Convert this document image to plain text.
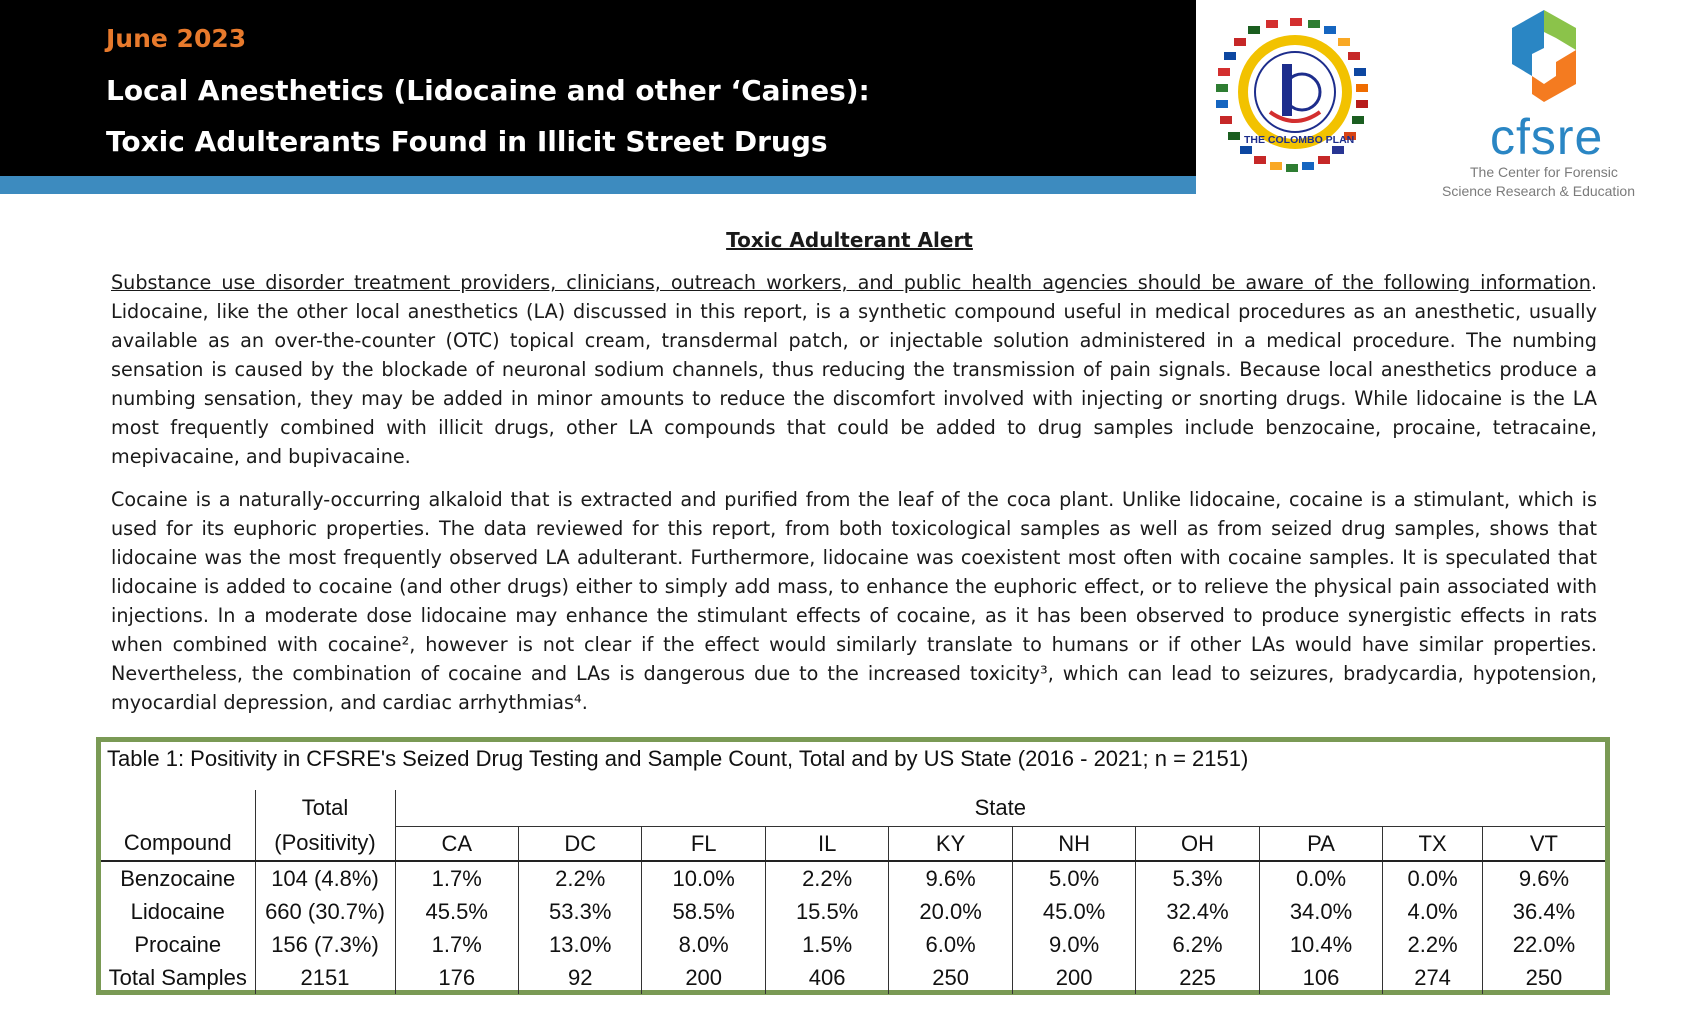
June 2023
Local Anesthetics (Lidocaine and other ‘Caines):
Toxic Adulterants Found in Illicit Street Drugs	THE COLOMBO PLAN	cfsre
The Center for Forensic
Science Research & Education
Toxic Adulterant Alert
Substance use disorder treatment providers, clinicians, outreach workers, and public health agencies should be aware of the following information. Lidocaine, like the other local anesthetics (LA) discussed in this report, is a synthetic compound useful in medical procedures as an anesthetic, usually available as an over-the-counter (OTC) topical cream, transdermal patch, or injectable solution administered in a medical procedure. The numbing sensation is caused by the blockade of neuronal sodium channels, thus reducing the transmission of pain signals. Because local anesthetics produce a numbing sensation, they may be added in minor amounts to reduce the discomfort involved with injecting or snorting drugs. While lidocaine is the LA most frequently combined with illicit drugs, other LA compounds that could be added to drug samples include benzocaine, procaine, tetracaine, mepivacaine, and bupivacaine.
Cocaine is a naturally-occurring alkaloid that is extracted and purified from the leaf of the coca plant. Unlike lidocaine, cocaine is a stimulant, which is used for its euphoric properties. The data reviewed for this report, from both toxicological samples as well as from seized drug samples, shows that lidocaine was the most frequently observed LA adulterant. Furthermore, lidocaine was coexistent most often with cocaine samples. It is speculated that lidocaine is added to cocaine (and other drugs) either to simply add mass, to enhance the euphoric effect, or to relieve the physical pain associated with injections. In a moderate dose lidocaine may enhance the stimulant effects of cocaine, as it has been observed to produce synergistic effects in rats when combined with cocaine², however is not clear if the effect would similarly translate to humans or if other LAs would have similar properties. Nevertheless, the combination of cocaine and LAs is dangerous due to the increased toxicity³, which can lead to seizures, bradycardia, hypotension, myocardial depression, and cardiac arrhythmias⁴.
Table 1: Positivity in CFSRE's Seized Drug Testing and Sample Count, Total and by US State (2016 - 2021; n = 2151)
	Total	State									
Compound	(Positivity)	CA	DC	FL	IL	KY	NH	OH	PA	TX	VT
Benzocaine	104 (4.8%)	1.7%	2.2%	10.0%	2.2%	9.6%	5.0%	5.3%	0.0%	0.0%	9.6%
Lidocaine	660 (30.7%)	45.5%	53.3%	58.5%	15.5%	20.0%	45.0%	32.4%	34.0%	4.0%	36.4%
Procaine	156 (7.3%)	1.7%	13.0%	8.0%	1.5%	6.0%	9.0%	6.2%	10.4%	2.2%	22.0%
Total Samples	2151	176	92	200	406	250	200	225	106	274	250
